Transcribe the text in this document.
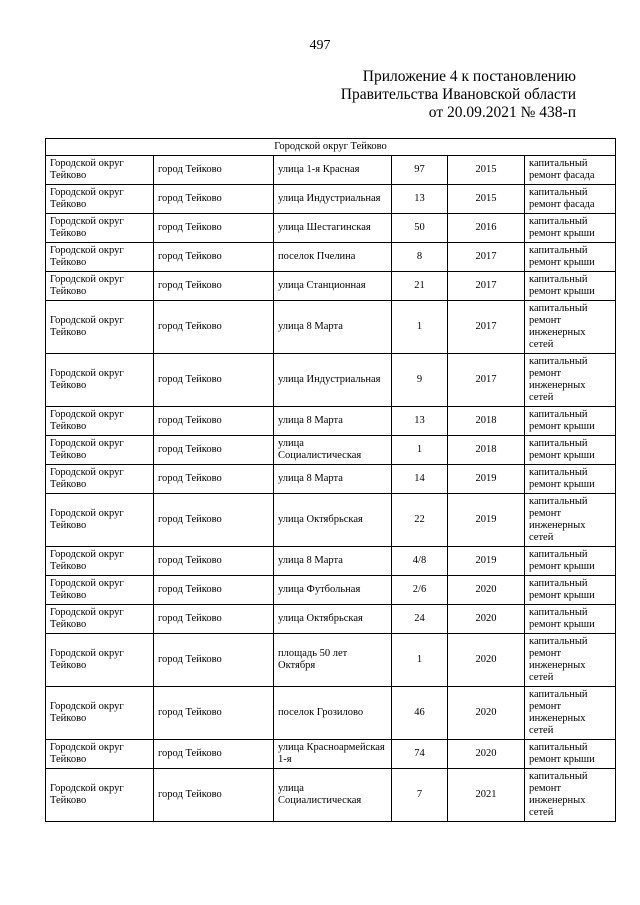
497
Приложение 4 к постановлению
Правительства Ивановской области
от 20.09.2021 № 438-п
Городской округ Тейково					
Городской округ Тейково	город Тейково	улица 1-я Красная	97	2015	капитальный ремонт фасада
Городской округ Тейково	город Тейково	улица Индустриальная	13	2015	капитальный ремонт фасада
Городской округ Тейково	город Тейково	улица Шестагинская	50	2016	капитальный ремонт крыши
Городской округ Тейково	город Тейково	поселок Пчелина	8	2017	капитальный ремонт крыши
Городской округ Тейково	город Тейково	улица Станционная	21	2017	капитальный ремонт крыши
Городской округ Тейково	город Тейково	улица 8 Марта	1	2017	капитальный ремонт инженерных сетей
Городской округ Тейково	город Тейково	улица Индустриальная	9	2017	капитальный ремонт инженерных сетей
Городской округ Тейково	город Тейково	улица 8 Марта	13	2018	капитальный ремонт крыши
Городской округ Тейково	город Тейково	улица Социалистическая	1	2018	капитальный ремонт крыши
Городской округ Тейково	город Тейково	улица 8 Марта	14	2019	капитальный ремонт крыши
Городской округ Тейково	город Тейково	улица Октябрьская	22	2019	капитальный ремонт инженерных сетей
Городской округ Тейково	город Тейково	улица 8 Марта	4/8	2019	капитальный ремонт крыши
Городской округ Тейково	город Тейково	улица Футбольная	2/6	2020	капитальный ремонт крыши
Городской округ Тейково	город Тейково	улица Октябрьская	24	2020	капитальный ремонт крыши
Городской округ Тейково	город Тейково	площадь 50 лет Октября	1	2020	капитальный ремонт инженерных сетей
Городской округ Тейково	город Тейково	поселок Грозилово	46	2020	капитальный ремонт инженерных сетей
Городской округ Тейково	город Тейково	улица Красноармейская 1-я	74	2020	капитальный ремонт крыши
Городской округ Тейково	город Тейково	улица Социалистическая	7	2021	капитальный ремонт инженерных сетей
